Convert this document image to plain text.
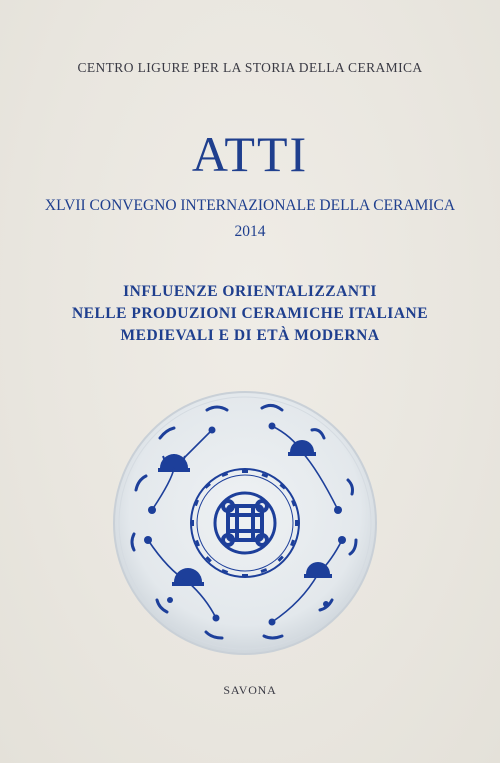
CENTRO LIGURE PER LA STORIA DELLA CERAMICA
ATTI
XLVII CONVEGNO INTERNAZIONALE DELLA CERAMICA
2014
INFLUENZE ORIENTALIZZANTI
NELLE PRODUZIONI CERAMICHE ITALIANE
MEDIEVALI E DI ETÀ MODERNA
SAVONA
